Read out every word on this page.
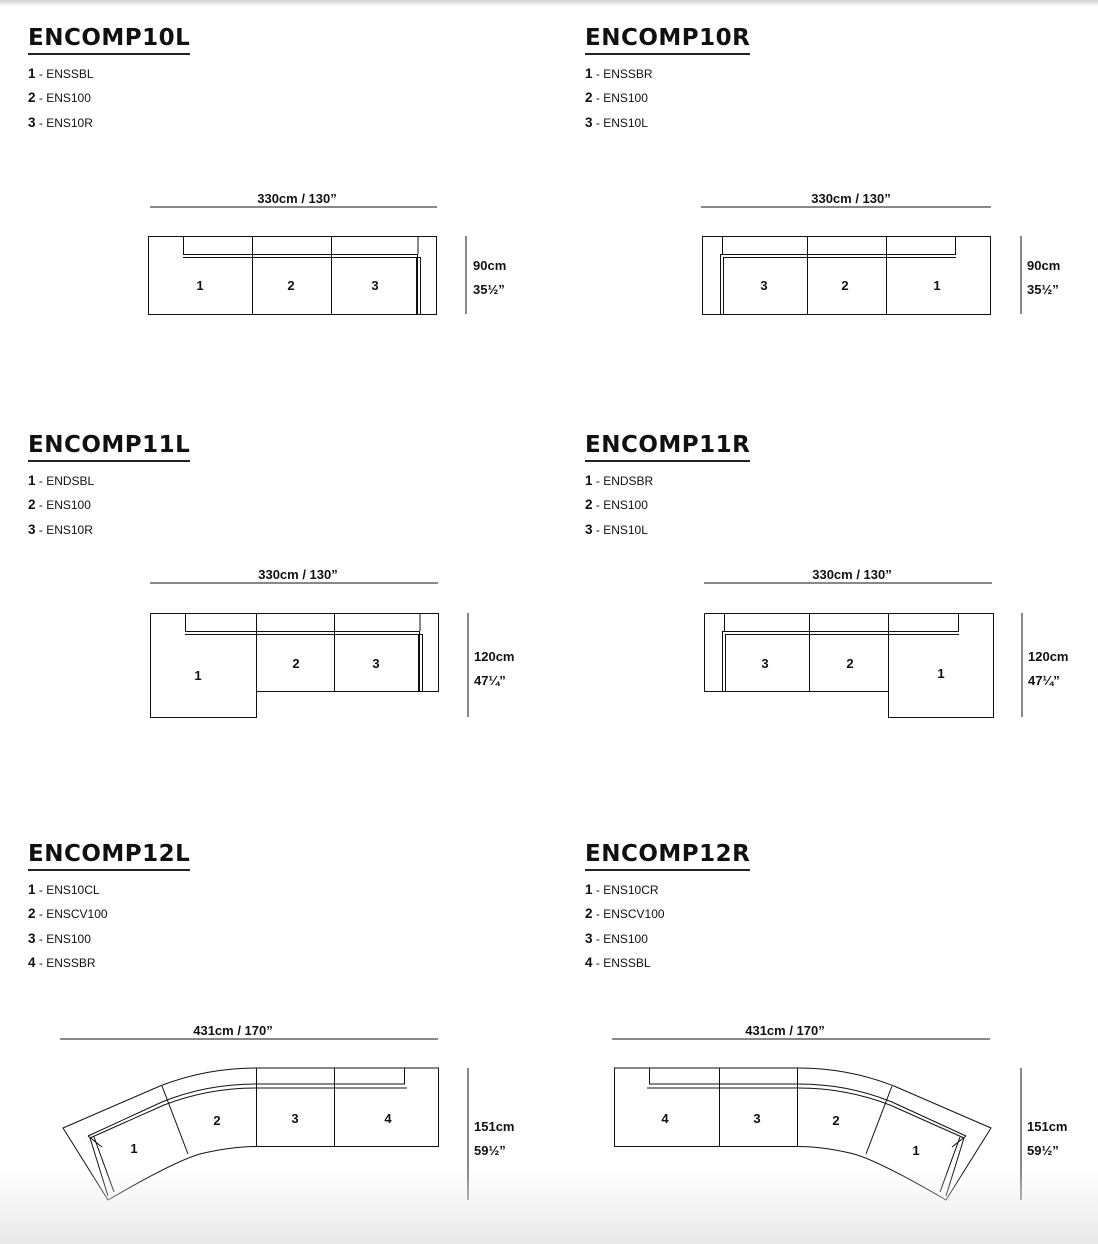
ENCOMP10L
1 - ENSSBL
2 - ENS100
3 - ENS10R
330cm / 130”
90cm
35½”
1	2	3
ENCOMP10R
1 - ENSSBR
2 - ENS100
3 - ENS10L
330cm / 130”
90cm
35½”
3	2	1
ENCOMP11L
1 - ENDSBL
2 - ENS100
3 - ENS10R
330cm / 130”
120cm
47¼”
1
2	3
ENCOMP11R
1 - ENDSBR
2 - ENS100
3 - ENS10L
330cm / 130”
120cm
47¼”
3	2
1
ENCOMP12L
1 - ENS10CL
2 - ENSCV100
3 - ENS100
4 - ENSSBR
431cm / 170”
151cm
59½”
1
2	3	4
ENCOMP12R
1 - ENS10CR
2 - ENSCV100
3 - ENS100
4 - ENSSBL
431cm / 170”
151cm
59½”
4	3	2
1
